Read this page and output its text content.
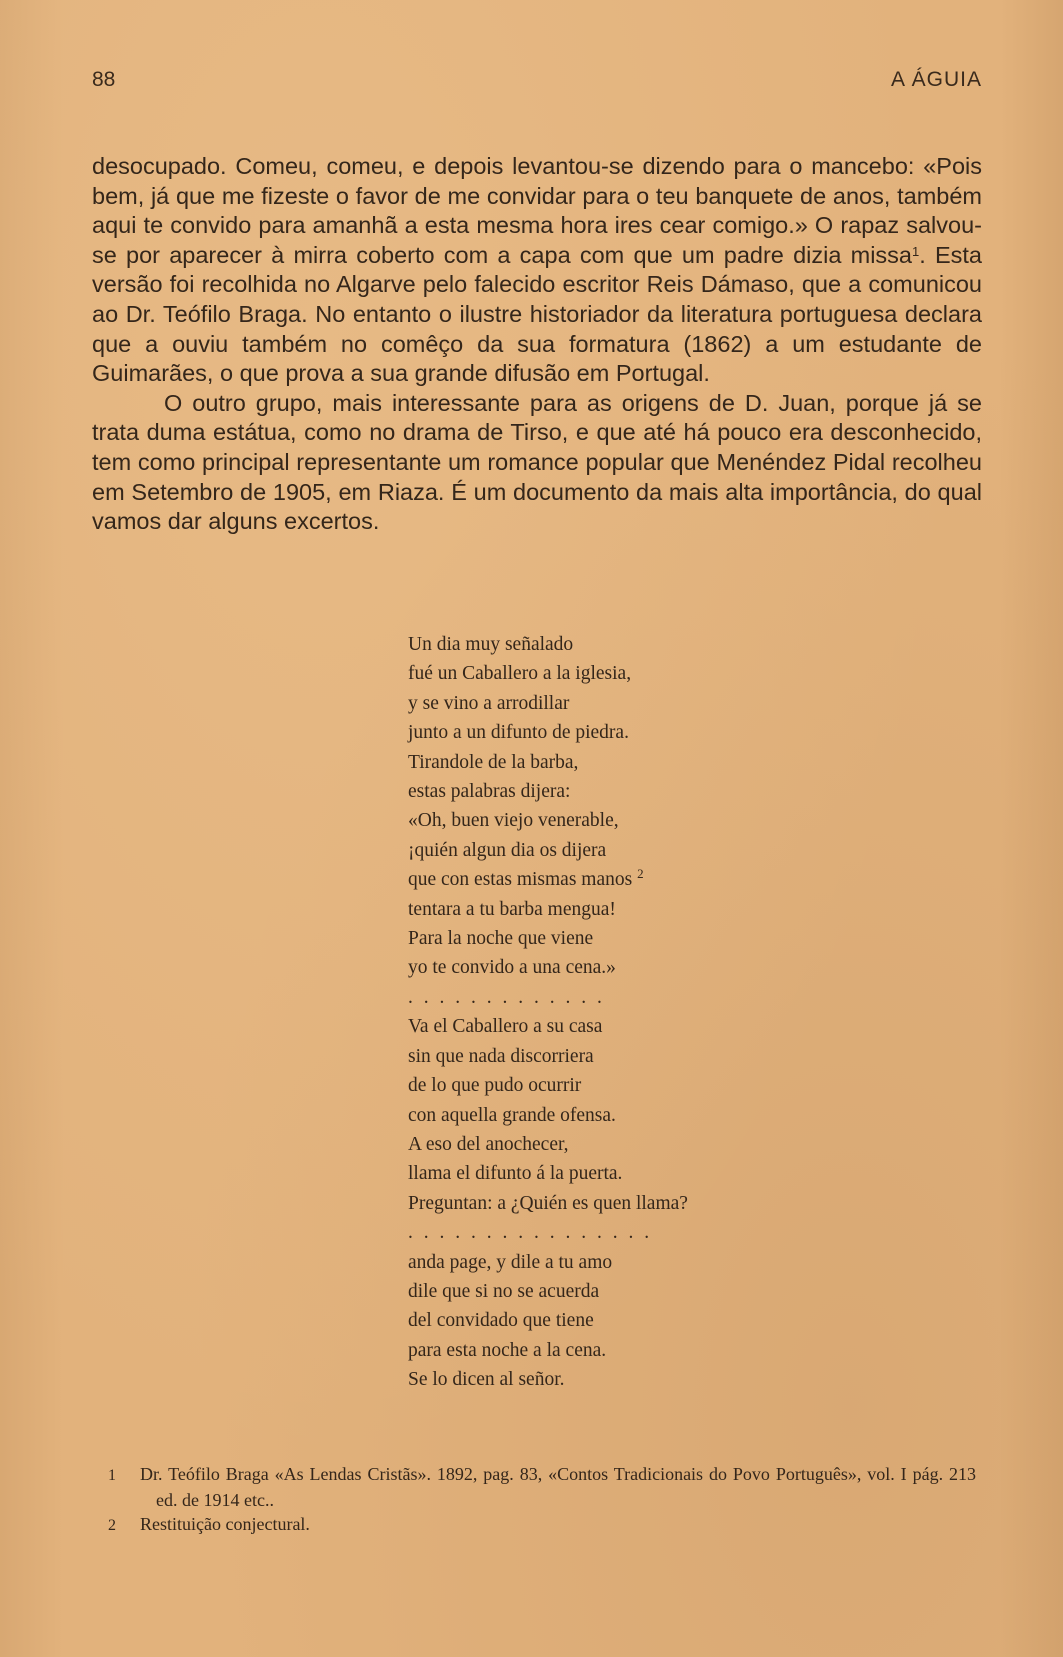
88	A ÁGUIA

desocupado. Comeu, comeu, e depois levantou-se dizendo para o mancebo: «Pois bem, já que me fizeste o favor de me convidar para o teu banquete de anos, também aqui te convido para amanhã a esta mesma hora ires cear comigo.» O rapaz salvou-se por aparecer à mirra coberto com a capa com que um padre dizia missa$^1$. Esta versão foi recolhida no Algarve pelo falecido escritor Reis Dámaso, que a comunicou ao Dr. Teófilo Braga. No entanto o ilustre historiador da literatura portuguesa declara que a ouviu também no comêço da sua formatura (1862) a um estudante de Guimarães, o que prova a sua grande difusão em Portugal.

O outro grupo, mais interessante para as origens de D. Juan, porque já se trata duma estátua, como no drama de Tirso, e que até há pouco era desconhecido, tem como principal representante um romance popular que Menéndez Pidal recolheu em Setembro de 1905, em Riaza. É um documento da mais alta importância, do qual vamos dar alguns excertos.

Un dia muy señalado
fué un Caballero a la iglesia,
y se vino a arrodillar
junto a un difunto de piedra.
Tirandole de la barba,
estas palabras dijera:
«Oh, buen viejo venerable,
¡quién algun dia os dijera
que con estas mismas manos $^2$
tentara a tu barba mengua!
Para la noche que viene
yo te convido a una cena.»
. . . . . . . . . . . . .
Va el Caballero a su casa
sin que nada discorriera
de lo que pudo ocurrir
con aquella grande ofensa.
A eso del anochecer,
llama el difunto á la puerta.
Preguntan: a ¿Quién es quen llama?
. . . . . . . . . . . . . . . .
anda page, y dile a tu amo
dile que si no se acuerda
del convidado que tiene
para esta noche a la cena.
Se lo dicen al señor.
1 Dr. Teófilo Braga «As Lendas Cristãs». 1892, pag. 83, «Contos Tradicionais do Povo Português», vol. I pág. 213 ed. de 1914 etc..
2 Restituição conjectural.
